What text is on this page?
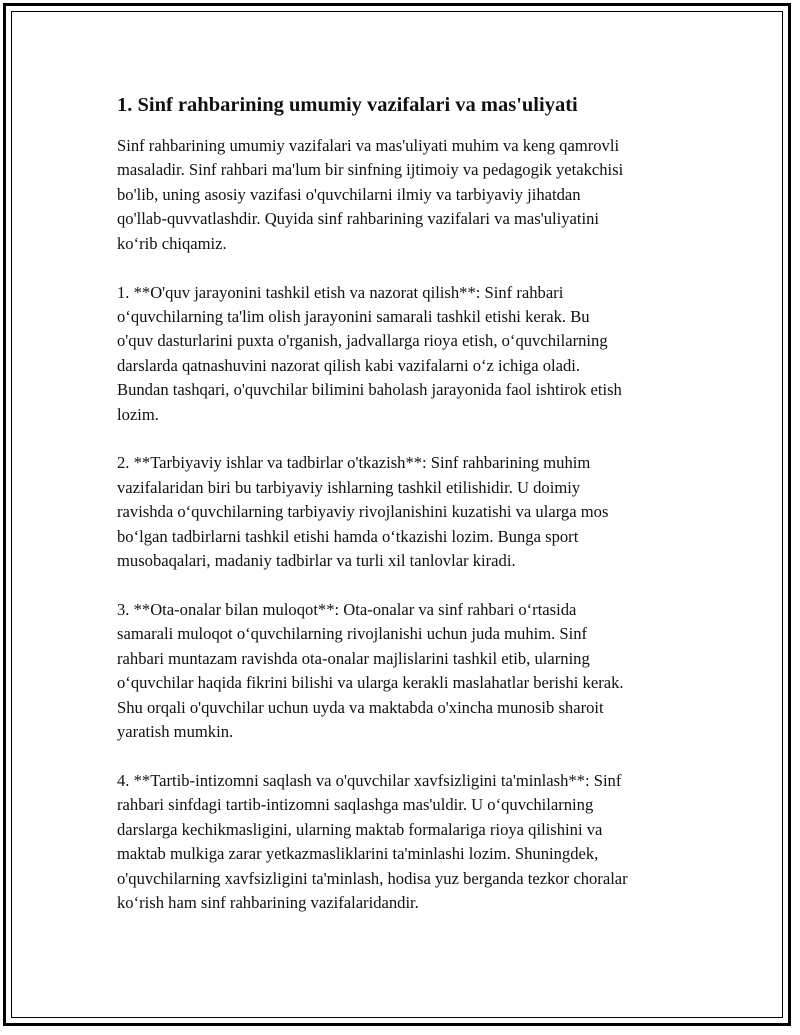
1. Sinf rahbarining umumiy vazifalari va mas'uliyati

Sinf rahbarining umumiy vazifalari va mas'uliyati muhim va keng qamrovli
masaladir. Sinf rahbari ma'lum bir sinfning ijtimoiy va pedagogik yetakchisi
bo'lib, uning asosiy vazifasi o'quvchilarni ilmiy va tarbiyaviy jihatdan
qo'llab-quvvatlashdir. Quyida sinf rahbarining vazifalari va mas'uliyatini
ko‘rib chiqamiz.

1. **O'quv jarayonini tashkil etish va nazorat qilish**: Sinf rahbari
o‘quvchilarning ta'lim olish jarayonini samarali tashkil etishi kerak. Bu
o'quv dasturlarini puxta o'rganish, jadvallarga rioya etish, o‘quvchilarning
darslarda qatnashuvini nazorat qilish kabi vazifalarni o‘z ichiga oladi.
Bundan tashqari, o'quvchilar bilimini baholash jarayonida faol ishtirok etish
lozim.

2. **Tarbiyaviy ishlar va tadbirlar o'tkazish**: Sinf rahbarining muhim
vazifalaridan biri bu tarbiyaviy ishlarning tashkil etilishidir. U doimiy
ravishda o‘quvchilarning tarbiyaviy rivojlanishini kuzatishi va ularga mos
bo‘lgan tadbirlarni tashkil etishi hamda o‘tkazishi lozim. Bunga sport
musobaqalari, madaniy tadbirlar va turli xil tanlovlar kiradi.

3. **Ota-onalar bilan muloqot**: Ota-onalar va sinf rahbari o‘rtasida
samarali muloqot o‘quvchilarning rivojlanishi uchun juda muhim. Sinf
rahbari muntazam ravishda ota-onalar majlislarini tashkil etib, ularning
o‘quvchilar haqida fikrini bilishi va ularga kerakli maslahatlar berishi kerak.
Shu orqali o'quvchilar uchun uyda va maktabda o'xincha munosib sharoit
yaratish mumkin.

4. **Tartib-intizomni saqlash va o'quvchilar xavfsizligini ta'minlash**: Sinf
rahbari sinfdagi tartib-intizomni saqlashga mas'uldir. U o‘quvchilarning
darslarga kechikmasligini, ularning maktab formalariga rioya qilishini va
maktab mulkiga zarar yetkazmasliklarini ta'minlashi lozim. Shuningdek,
o'quvchilarning xavfsizligini ta'minlash, hodisa yuz berganda tezkor choralar
ko‘rish ham sinf rahbarining vazifalaridandir.
